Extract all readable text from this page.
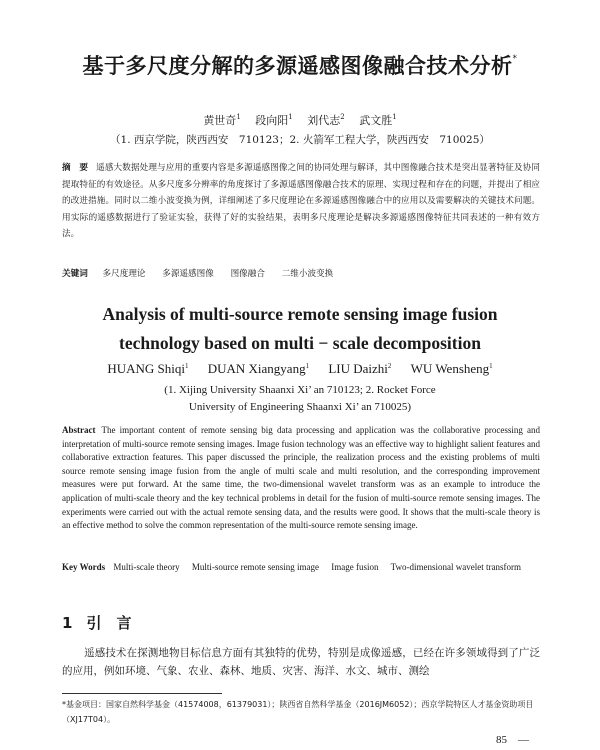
基于多尺度分解的多源遥感图像融合技术分析*
黄世奇$^1$　 段向阳$^1$　 刘代志$^2$　 武文胜$^1$
（1. 西京学院，陕西西安　710123；2. 火箭军工程大学，陕西西安　710025）
摘　要 遥感大数据处理与应用的重要内容是多源遥感图像之间的协同处理与解译，其中图像融合技术是突出显著特征及协同提取特征的有效途径。从多尺度多分辨率的角度探讨了多源遥感图像融合技术的原理、实现过程和存在的问题，并提出了相应的改进措施。同时以二维小波变换为例，详细阐述了多尺度理论在多源遥感图像融合中的应用以及需要解决的关键技术问题。用实际的遥感数据进行了验证实验，获得了好的实验结果，表明多尺度理论是解决多源遥感图像特征共同表述的一种有效方法。
关键词 多尺度理论 多源遥感图像 图像融合 二维小波变换
Analysis of multi-source remote sensing image fusion
technology based on multi − scale decomposition
HUANG Shiqi$^1$ DUAN Xiangyang$^1$ LIU Daizhi$^2$ WU Wensheng$^1$
(1. Xijing University Shaanxi Xi’ an 710123; 2. Rocket Force
University of Engineering Shaanxi Xi’ an 710025)
Abstract The important content of remote sensing big data processing and application was the collaborative processing and interpretation of multi-source remote sensing images. Image fusion technology was an effective way to highlight salient features and collaborative extraction features. This paper discussed the principle, the realization process and the existing problems of multi source remote sensing image fusion from the angle of multi scale and multi resolution, and the corresponding improvement measures were put forward. At the same time, the two-dimensional wavelet transform was as an example to introduce the application of multi-scale theory and the key technical problems in detail for the fusion of multi-source remote sensing images. The experiments were carried out with the actual remote sensing data, and the results were good. It shows that the multi-scale theory is an effective method to solve the common representation of the multi-source remote sensing image.
Key Words Multi-scale theory Multi-source remote sensing image Image fusion Two-dimensional wavelet transform
1 引　言
遥感技术在探测地物目标信息方面有其独特的优势，特别是成像遥感，已经在许多领域得到了广泛的应用，例如环境、气象、农业、森林、地质、灾害、海洋、水文、城市、测绘
*基金项目：国家自然科学基金（41574008，61379031）；陕西省自然科学基金（2016JM6052）；西京学院特区人才基金资助项目（XJ17T04）。
85　—
